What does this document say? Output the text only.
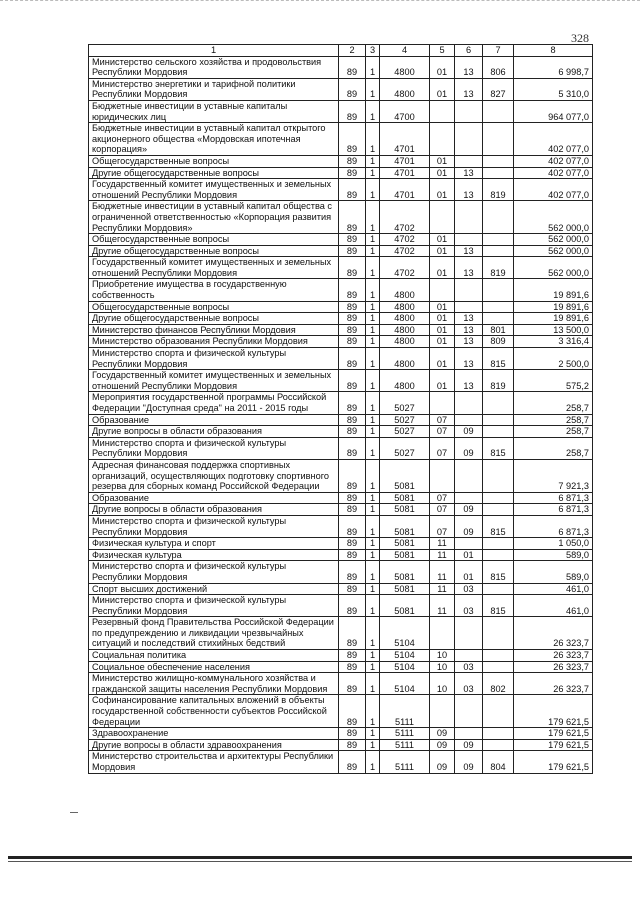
328
1	2	3	4	5	6	7	8
Министерство сельского хозяйства и продовольствия Республики Мордовия	89	1	4800	01	13	806	6 998,7
Министерство энергетики и тарифной политики Республики Мордовия	89	1	4800	01	13	827	5 310,0
Бюджетные инвестиции в уставные капиталы юридических лиц	89	1	4700				964 077,0
Бюджетные инвестиции в уставный капитал открытого акционерного общества «Мордовская ипотечная корпорация»	89	1	4701				402 077,0
Общегосударственные вопросы	89	1	4701	01			402 077,0
Другие общегосударственные вопросы	89	1	4701	01	13		402 077,0
Государственный комитет имущественных и земельных отношений Республики Мордовия	89	1	4701	01	13	819	402 077,0
Бюджетные инвестиции в уставный капитал общества с ограниченной ответственностью «Корпорация развития Республики Мордовия»	89	1	4702				562 000,0
Общегосударственные вопросы	89	1	4702	01			562 000,0
Другие общегосударственные вопросы	89	1	4702	01	13		562 000,0
Государственный комитет имущественных и земельных отношений Республики Мордовия	89	1	4702	01	13	819	562 000,0
Приобретение имущества в государственную собственность	89	1	4800				19 891,6
Общегосударственные вопросы	89	1	4800	01			19 891,6
Другие общегосударственные вопросы	89	1	4800	01	13		19 891,6
Министерство финансов Республики Мордовия	89	1	4800	01	13	801	13 500,0
Министерство образования Республики Мордовия	89	1	4800	01	13	809	3 316,4
Министерство спорта и физической культуры Республики Мордовия	89	1	4800	01	13	815	2 500,0
Государственный комитет имущественных и земельных отношений Республики Мордовия	89	1	4800	01	13	819	575,2
Мероприятия государственной программы Российской Федерации "Доступная среда" на 2011 - 2015 годы	89	1	5027				258,7
Образование	89	1	5027	07			258,7
Другие вопросы в области образования	89	1	5027	07	09		258,7
Министерство спорта и физической культуры Республики Мордовия	89	1	5027	07	09	815	258,7
Адресная финансовая поддержка спортивных организаций, осуществляющих подготовку спортивного резерва для сборных команд Российской Федерации	89	1	5081				7 921,3
Образование	89	1	5081	07			6 871,3
Другие вопросы в области образования	89	1	5081	07	09		6 871,3
Министерство спорта и физической культуры Республики Мордовия	89	1	5081	07	09	815	6 871,3
Физическая культура и спорт	89	1	5081	11			1 050,0
Физическая культура	89	1	5081	11	01		589,0
Министерство спорта и физической культуры Республики Мордовия	89	1	5081	11	01	815	589,0
Спорт высших достижений	89	1	5081	11	03		461,0
Министерство спорта и физической культуры Республики Мордовия	89	1	5081	11	03	815	461,0
Резервный фонд Правительства Российской Федерации по предупреждению и ликвидации чрезвычайных ситуаций и последствий стихийных бедствий	89	1	5104				26 323,7
Социальная политика	89	1	5104	10			26 323,7
Социальное обеспечение населения	89	1	5104	10	03		26 323,7
Министерство жилищно-коммунального хозяйства и гражданской защиты населения Республики Мордовия	89	1	5104	10	03	802	26 323,7
Софинансирование капитальных вложений в объекты государственной собственности субъектов Российской Федерации	89	1	5111				179 621,5
Здравоохранение	89	1	5111	09			179 621,5
Другие вопросы в области здравоохранения	89	1	5111	09	09		179 621,5
Министерство строительства и архитектуры Республики Мордовия	89	1	5111	09	09	804	179 621,5
